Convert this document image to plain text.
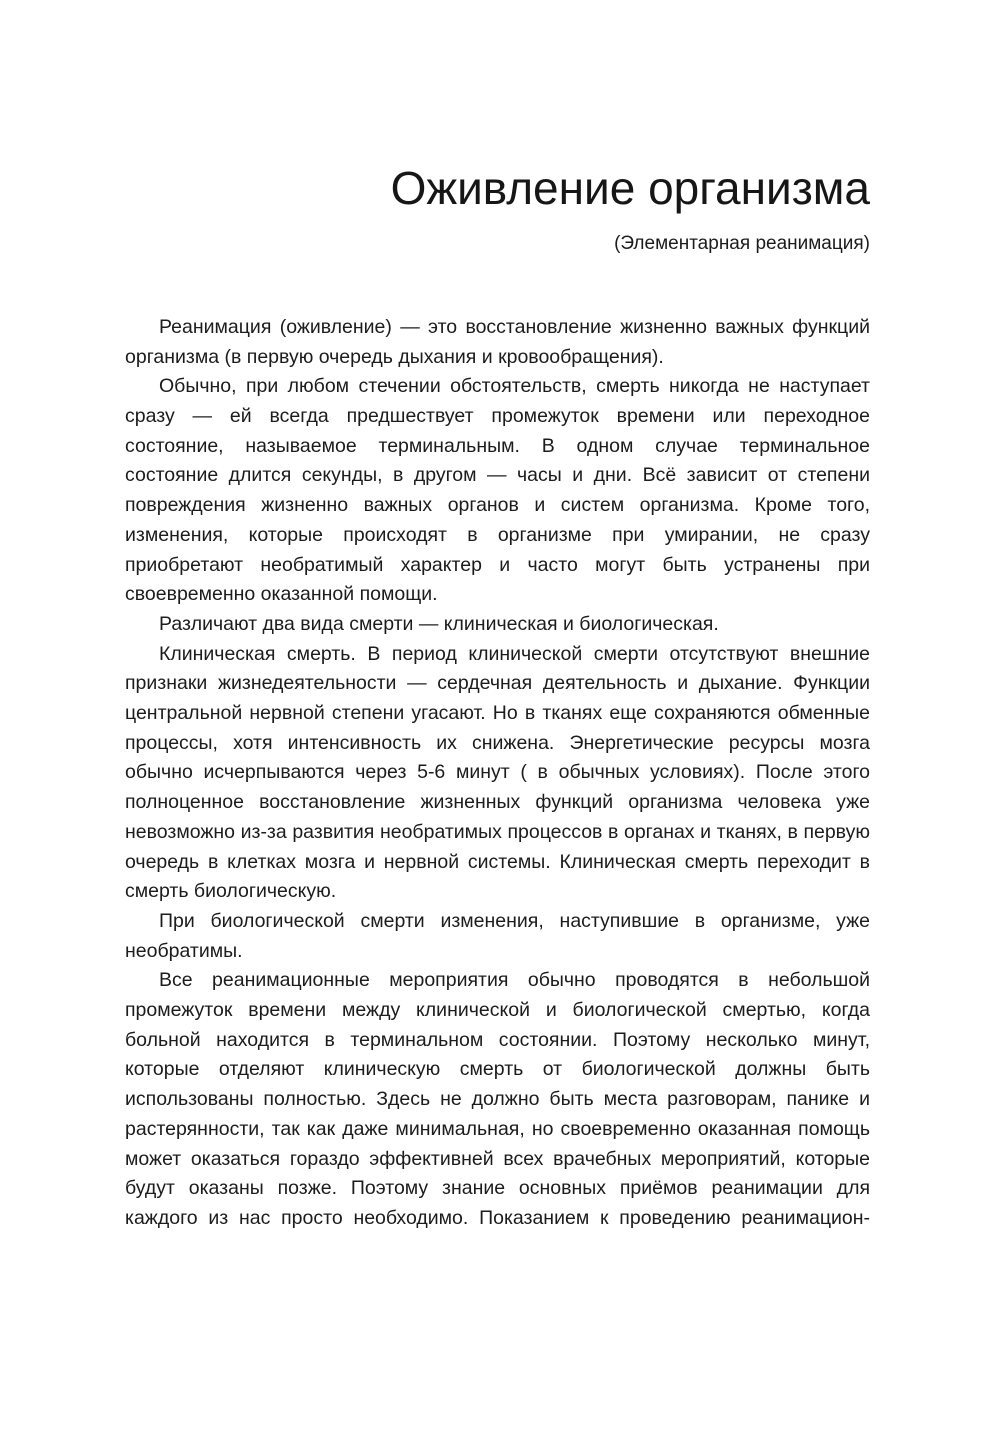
Оживление организма
(Элементарная реанимация)

Реанимация (оживление) — это восстановление жизненно важных функций организма (в первую очередь дыхания и кровообращения).

Обычно, при любом стечении обстоятельств, смерть никогда не наступает сразу — ей всегда предшествует промежуток времени или переходное состояние, называемое терминальным. В одном случае терминальное состояние длится секунды, в другом — часы и дни. Всё зависит от степени повреждения жизненно важных органов и систем организма. Кроме того, изменения, которые происходят в организме при умирании, не сразу приобретают необратимый характер и часто могут быть устранены при своевременно оказанной помощи.

Различают два вида смерти — клиническая и биологическая.

Клиническая смерть. В период клинической смерти отсутствуют внешние признаки жизнедеятельности — сердечная деятельность и дыхание. Функции центральной нервной степени угасают. Но в тканях еще сохраняются обменные процессы, хотя интенсивность их снижена. Энергетические ресурсы мозга обычно исчерпываются через 5-6 минут ( в обычных условиях). После этого полноценное восстановление жизненных функций организма человека уже невозможно из-за развития необратимых процессов в органах и тканях, в первую очередь в клетках мозга и нервной системы. Клиническая смерть переходит в смерть биологическую.

При биологической смерти изменения, наступившие в организме, уже необратимы.

Все реанимационные мероприятия обычно проводятся в небольшой промежуток времени между клинической и биологической смертью, когда больной находится в терминальном состоянии. Поэтому несколько минут, которые отделяют клиническую смерть от биологической должны быть использованы полностью. Здесь не должно быть места разговорам, панике и растерянности, так как даже минимальная, но своевременно оказанная помощь может оказаться гораздо эффективней всех врачебных мероприятий, которые будут оказаны позже. Поэтому знание основных приёмов реанимации для каждого из нас просто необходимо. Показанием к проведению реанимацион-
